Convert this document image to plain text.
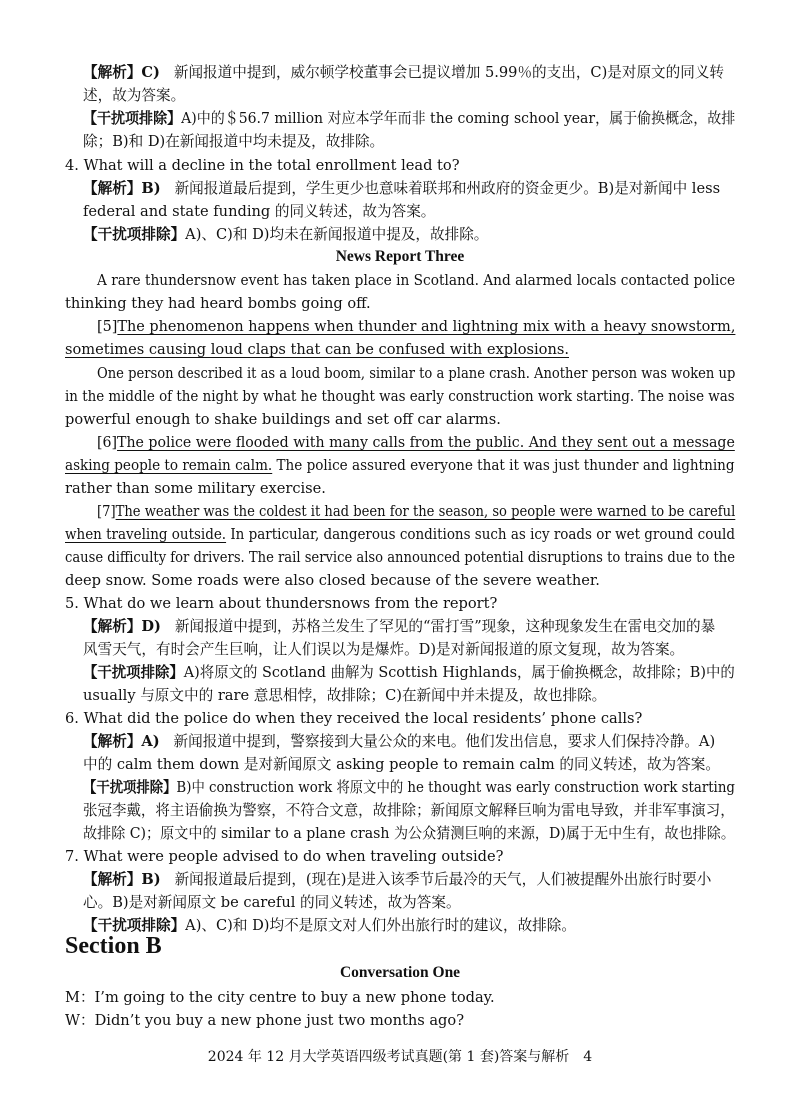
【解析】C) 新闻报道中提到，威尔顿学校董事会已提议增加 5.99％的支出，C)是对原文的同义转
述，故为答案。
【干扰项排除】A)中的＄56.7 million 对应本学年而非 the coming school year，属于偷换概念，故排
除；B)和 D)在新闻报道中均未提及，故排除。
4. What will a decline in the total enrollment lead to?
【解析】B) 新闻报道最后提到，学生更少也意味着联邦和州政府的资金更少。B)是对新闻中 less
federal and state funding 的同义转述，故为答案。
【干扰项排除】A)、C)和 D)均未在新闻报道中提及，故排除。
News Report Three
A rare thundersnow event has taken place in Scotland. And alarmed locals contacted police
thinking they had heard bombs going off.
[5]The phenomenon happens when thunder and lightning mix with a heavy snowstorm,
sometimes causing loud claps that can be confused with explosions.
One person described it as a loud boom, similar to a plane crash. Another person was woken up
in the middle of the night by what he thought was early construction work starting. The noise was
powerful enough to shake buildings and set off car alarms.
[6]The police were flooded with many calls from the public. And they sent out a message
asking people to remain calm. The police assured everyone that it was just thunder and lightning
rather than some military exercise.
[7]The weather was the coldest it had been for the season, so people were warned to be careful
when traveling outside. In particular, dangerous conditions such as icy roads or wet ground could
cause difficulty for drivers. The rail service also announced potential disruptions to trains due to the
deep snow. Some roads were also closed because of the severe weather.
5. What do we learn about thundersnows from the report?
【解析】D) 新闻报道中提到，苏格兰发生了罕见的“雷打雪”现象，这种现象发生在雷电交加的暴
风雪天气，有时会产生巨响，让人们误以为是爆炸。D)是对新闻报道的原文复现，故为答案。
【干扰项排除】A)将原文的 Scotland 曲解为 Scottish Highlands，属于偷换概念，故排除；B)中的
usually 与原文中的 rare 意思相悖，故排除；C)在新闻中并未提及，故也排除。
6. What did the police do when they received the local residents’ phone calls?
【解析】A) 新闻报道中提到，警察接到大量公众的来电。他们发出信息，要求人们保持冷静。A)
中的 calm them down 是对新闻原文 asking people to remain calm 的同义转述，故为答案。
【干扰项排除】B)中 construction work 将原文中的 he thought was early construction work starting
张冠李戴，将主语偷换为警察，不符合文意，故排除；新闻原文解释巨响为雷电导致，并非军事演习，
故排除 C)；原文中的 similar to a plane crash 为公众猜测巨响的来源，D)属于无中生有，故也排除。
7. What were people advised to do when traveling outside?
【解析】B) 新闻报道最后提到，(现在)是进入该季节后最冷的天气，人们被提醒外出旅行时要小
心。B)是对新闻原文 be careful 的同义转述，故为答案。
【干扰项排除】A)、C)和 D)均不是原文对人们外出旅行时的建议，故排除。
Section B
Conversation One
M：I’m going to the city centre to buy a new phone today.
W：Didn’t you buy a new phone just two months ago?
2024 年 12 月大学英语四级考试真题(第 1 套)答案与解析　4
